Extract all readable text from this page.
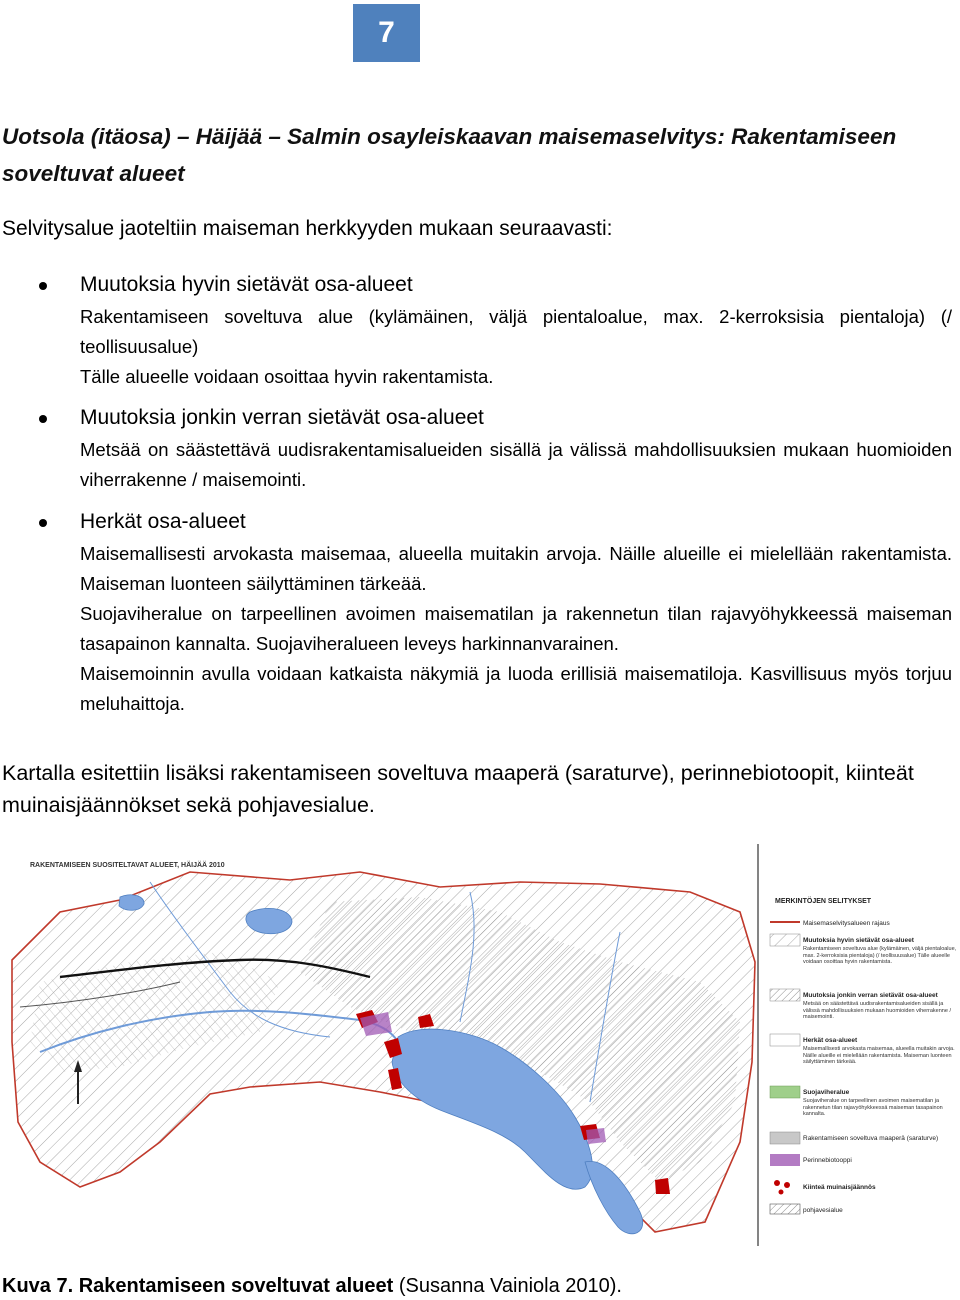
7
Uotsola (itäosa) – Häijää – Salmin osayleiskaavan maisemaselvitys: Rakentamiseen soveltuvat alueet
Selvitysalue jaoteltiin maiseman herkkyyden mukaan seuraavasti:
Muutoksia hyvin sietävät osa-alueet

Rakentamiseen soveltuva alue (kylämäinen, väljä pientaloalue, max. 2-kerroksisia pientaloja) (/ teollisuusalue)

Tälle alueelle voidaan osoittaa hyvin rakentamista.

Muutoksia jonkin verran sietävät osa-alueet

Metsää on säästettävä uudisrakentamisalueiden sisällä ja välissä mahdollisuuksien mukaan huomioiden viherrakenne / maisemointi.

Herkät osa-alueet

Maisemallisesti arvokasta maisemaa, alueella muitakin arvoja. Näille alueille ei mielellään rakentamista. Maiseman luonteen säilyttäminen tärkeää.

Suojaviheralue on tarpeellinen avoimen maisematilan ja rakennetun tilan rajavyöhykkeessä maiseman tasapainon kannalta. Suojaviheralueen leveys harkinnanvarainen.

Maisemoinnin avulla voidaan katkaista näkymiä ja luoda erillisiä maisematiloja. Kasvillisuus myös torjuu meluhaittoja.

Kartalla esitettiin lisäksi rakentamiseen soveltuva maaperä (saraturve), perinnebiotoopit, kiinteät muinaisjäännökset sekä pohjavesialue.
RAKENTAMISEEN SUOSITELTAVAT ALUEET, HÄIJÄÄ 2010
MERKINTÖJEN SELITYKSET
Maisemaselvitysalueen rajaus
Muutoksia hyvin sietävät osa-alueet
Rakentamiseen soveltuva alue (kylämäinen, väljä pientaloalue, max. 2-kerroksisia pientaloja) (/ teollisuusalue) Tälle alueelle voidaan osoittaa hyvin rakentamista.
Muutoksia jonkin verran sietävät osa-alueet
Metsää on säästettävä uudisrakentamisalueiden sisällä ja välissä mahdollisuuksien mukaan huomioiden viherrakenne / maisemointi.
Herkät osa-alueet
Maisemallisesti arvokasta maisemaa, alueella muitakin arvoja. Näille alueille ei mielellään rakentamista. Maiseman luonteen säilyttäminen tärkeää.
Suojaviheralue
Suojaviheralue on tarpeellinen avoimen maisematilan ja rakennetun tilan rajavyöhykkeessä maiseman tasapainon kannalta.
Rakentamiseen soveltuva maaperä (saraturve)
Perinnebiotooppi
Kiinteä muinaisjäännös
pohjavesialue
Kuva 7. Rakentamiseen soveltuvat alueet (Susanna Vainiola 2010).
